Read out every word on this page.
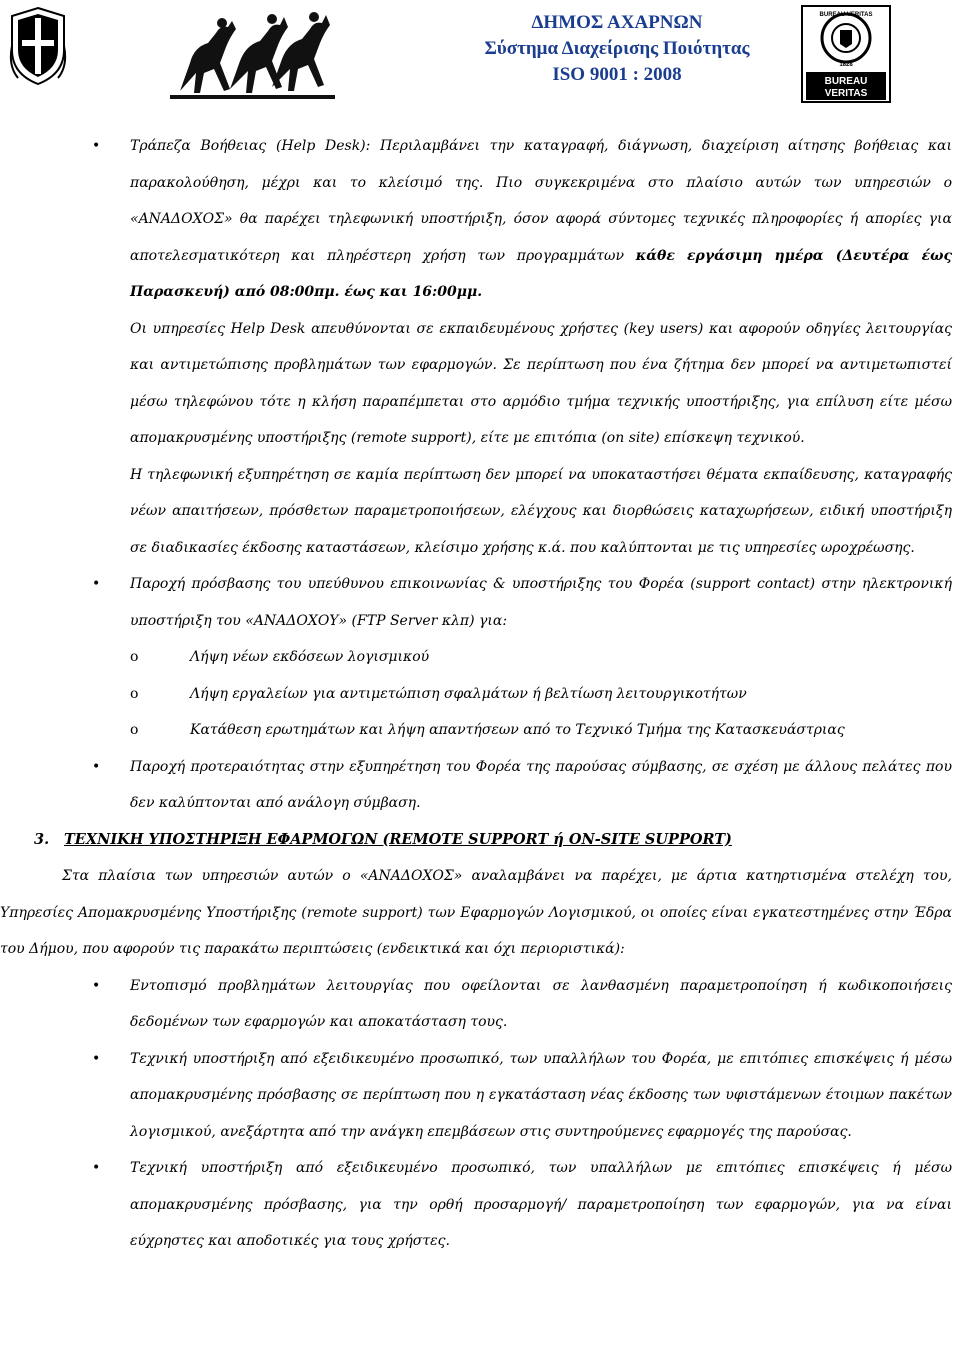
ΔΗΜΟΣ ΑΧΑΡΝΩΝ
Σύστημα Διαχείρισης Ποιότητας
ISO 9001 : 2008
BUREAU VERITAS
1828
BUREAU
VERITAS
• Τράπεζα Βοήθειας (Help Desk): Περιλαμβάνει την καταγραφή, διάγνωση, διαχείριση αίτησης βοήθειας και παρακολούθηση, μέχρι και το κλείσιμό της. Πιο συγκεκριμένα στο πλαίσιο αυτών των υπηρεσιών ο «ΑΝΑΔΟΧΟΣ» θα παρέχει τηλεφωνική υποστήριξη, όσον αφορά σύντομες τεχνικές πληροφορίες ή απορίες για αποτελεσματικότερη και πληρέστερη χρήση των προγραμμάτων κάθε εργάσιμη ημέρα (Δευτέρα έως Παρασκευή) από 08:00πμ. έως και 16:00μμ.
Οι υπηρεσίες Help Desk απευθύνονται σε εκπαιδευμένους χρήστες (key users) και αφορούν οδηγίες λειτουργίας και αντιμετώπισης προβλημάτων των εφαρμογών. Σε περίπτωση που ένα ζήτημα δεν μπορεί να αντιμετωπιστεί μέσω τηλεφώνου τότε η κλήση παραπέμπεται στο αρμόδιο τμήμα τεχνικής υποστήριξης, για επίλυση είτε μέσω απομακρυσμένης υποστήριξης (remote support), είτε με επιτόπια (on site) επίσκεψη τεχνικού.
Η τηλεφωνική εξυπηρέτηση σε καμία περίπτωση δεν μπορεί να υποκαταστήσει θέματα εκπαίδευσης, καταγραφής νέων απαιτήσεων, πρόσθετων παραμετροποιήσεων, ελέγχους και διορθώσεις καταχωρήσεων, ειδική υποστήριξη σε διαδικασίες έκδοσης καταστάσεων, κλείσιμο χρήσης κ.ά. που καλύπτονται με τις υπηρεσίες ωροχρέωσης.
• Παροχή πρόσβασης του υπεύθυνου επικοινωνίας & υποστήριξης του Φορέα (support contact) στην ηλεκτρονική υποστήριξη του «ΑΝΑΔΟΧΟΥ» (FTP Server κλπ) για:
o	Λήψη νέων εκδόσεων λογισμικού
o	Λήψη εργαλείων για αντιμετώπιση σφαλμάτων ή βελτίωση λειτουργικοτήτων
o	Κατάθεση ερωτημάτων και λήψη απαντήσεων από το Τεχνικό Τμήμα της Κατασκευάστριας
• Παροχή προτεραιότητας στην εξυπηρέτηση του Φορέα της παρούσας σύμβασης, σε σχέση με άλλους πελάτες που δεν καλύπτονται από ανάλογη σύμβαση.
3. ΤΕΧΝΙΚΗ ΥΠΟΣΤΗΡΙΞΗ ΕΦΑΡΜΟΓΩΝ (REMOTE SUPPORT ή ON-SITE SUPPORT)
Στα πλαίσια των υπηρεσιών αυτών ο «ΑΝΑΔΟΧΟΣ» αναλαμβάνει να παρέχει, με άρτια κατηρτισμένα στελέχη του, Υπηρεσίες Απομακρυσμένης Υποστήριξης (remote support) των Εφαρμογών Λογισμικού, οι οποίες είναι εγκατεστημένες στην Έδρα του Δήμου, που αφορούν τις παρακάτω περιπτώσεις (ενδεικτικά και όχι περιοριστικά):
• Εντοπισμό προβλημάτων λειτουργίας που οφείλονται σε λανθασμένη παραμετροποίηση ή κωδικοποιήσεις δεδομένων των εφαρμογών και αποκατάσταση τους.
• Τεχνική υποστήριξη από εξειδικευμένο προσωπικό, των υπαλλήλων του Φορέα, με επιτόπιες επισκέψεις ή μέσω απομακρυσμένης πρόσβασης σε περίπτωση που η εγκατάσταση νέας έκδοσης των υφιστάμενων έτοιμων πακέτων λογισμικού, ανεξάρτητα από την ανάγκη επεμβάσεων στις συντηρούμενες εφαρμογές της παρούσας.
• Τεχνική υποστήριξη από εξειδικευμένο προσωπικό, των υπαλλήλων με επιτόπιες επισκέψεις ή μέσω απομακρυσμένης πρόσβασης, για την ορθή προσαρμογή/ παραμετροποίηση των εφαρμογών, για να είναι εύχρηστες και αποδοτικές για τους χρήστες.
